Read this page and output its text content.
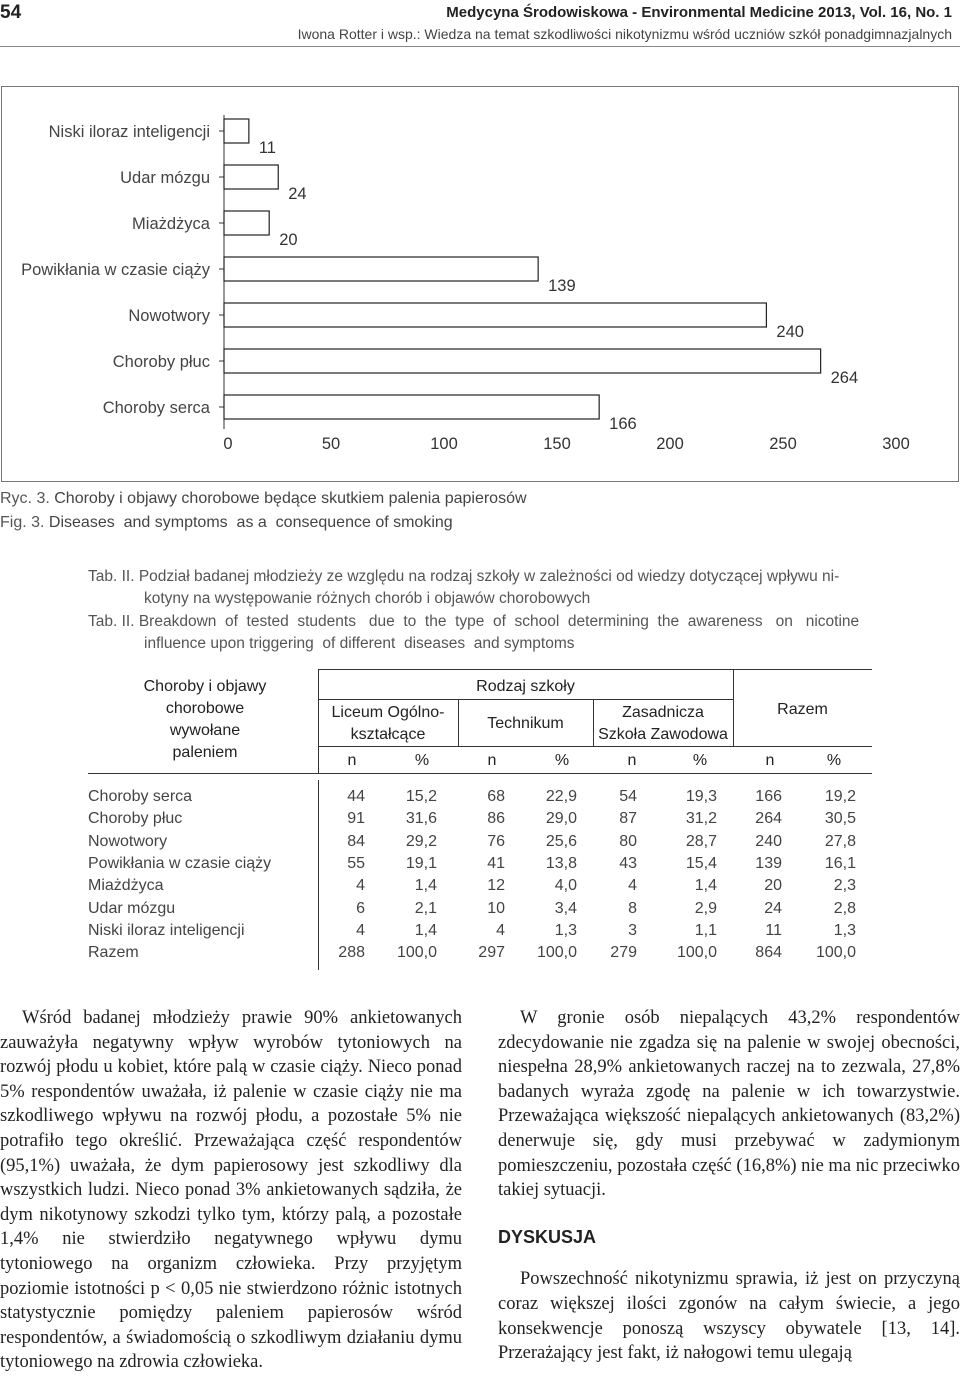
54	Medycyna Środowiskowa - Environmental Medicine 2013, Vol. 16, No. 1
Iwona Rotter i wsp.: Wiedza na temat szkodliwości nikotynizmu wśród uczniów szkół ponadgimnazjalnych
Niski iloraz inteligencji
11
Udar mózgu
24
Miażdżyca
20
Powikłania w czasie ciąży
139
Nowotwory
240
Choroby płuc
264
Choroby serca
166
0	50	100	150	200	250	300
Ryc. 3. Choroby i objawy chorobowe będące skutkiem palenia papierosów
Fig. 3. Diseases  and symptoms  as a  consequence of smoking
Tab. II. Podział badanej młodzieży ze względu na rodzaj szkoły w zależności od wiedzy dotyczącej wpływu ni-
kotyny na występowanie różnych chorób i objawów chorobowych
Tab. II. Breakdown  of  tested  students   due  to  the  type  of  school  determining  the  awareness   on   nicotine
influence upon triggering  of different  diseases  and symptoms
Choroby i objawy
chorobowe
wywołane
paleniem
Rodzaj szkoły
Liceum Ogólno-
kształcące
Technikum
Zasadnicza
Szkoła Zawodowa
Razem
n	%	n	%	n	%	n	%
Choroby serca	44	15,2	68	22,9	54	19,3 166	19,2
Choroby płuc	91	31,6	86	29,0	87	31,2 264	30,5
Nowotwory	84	29,2	76	25,6	80	28,7 240	27,8
Powikłania w czasie ciąży	55	19,1	41	13,8	43	15,4 139	16,1
Miażdżyca	4	1,4	12	4,0	4	1,4	20	2,3
Udar mózgu	6	2,1	10	3,4	8	2,9	24	2,8
Niski iloraz inteligencji	4	1,4	4	1,3	3	1,1	11	1,3
Razem	288 100,0	297 100,0 279 100,0 864 100,0

Wśród badanej młodzieży prawie 90% ankietowanych zauważyła negatywny wpływ wyrobów tytoniowych na rozwój płodu u kobiet, które palą w czasie ciąży. Nieco ponad 5% respondentów uważała, iż palenie w czasie ciąży nie ma szkodliwego wpływu na rozwój płodu, a pozostałe 5% nie potrafiło tego określić. Przeważająca część respondentów (95,1%) uważała, że dym papierosowy jest szkodliwy dla wszystkich ludzi. Nieco ponad 3% ankietowanych sądziła, że dym nikotynowy szkodzi tylko tym, którzy palą, a pozostałe 1,4% nie stwierdziło negatywnego wpływu dymu tytoniowego na organizm człowieka. Przy przyjętym poziomie istotności p < 0,05 nie stwierdzono różnic istotnych statystycznie pomiędzy paleniem papierosów wśród respondentów, a świadomością o szkodliwym działaniu dymu tytoniowego na zdrowia człowieka.

W gronie osób niepalących 43,2% respondentów zdecydowanie nie zgadza się na palenie w swojej obecności, niespełna 28,9% ankietowanych raczej na to zezwala, 27,8% badanych wyraża zgodę na palenie w ich towarzystwie. Przeważająca większość niepalących ankietowanych (83,2%) denerwuje się, gdy musi przebywać w zadymionym pomieszczeniu, pozostała część (16,8%) nie ma nic przeciwko takiej sytuacji.

DYSKUSJA

Powszechność nikotynizmu sprawia, iż jest on przyczyną coraz większej ilości zgonów na całym świecie, a jego konsekwencje ponoszą wszyscy obywatele [13, 14]. Przerażający jest fakt, iż nałogowi temu ulegają
